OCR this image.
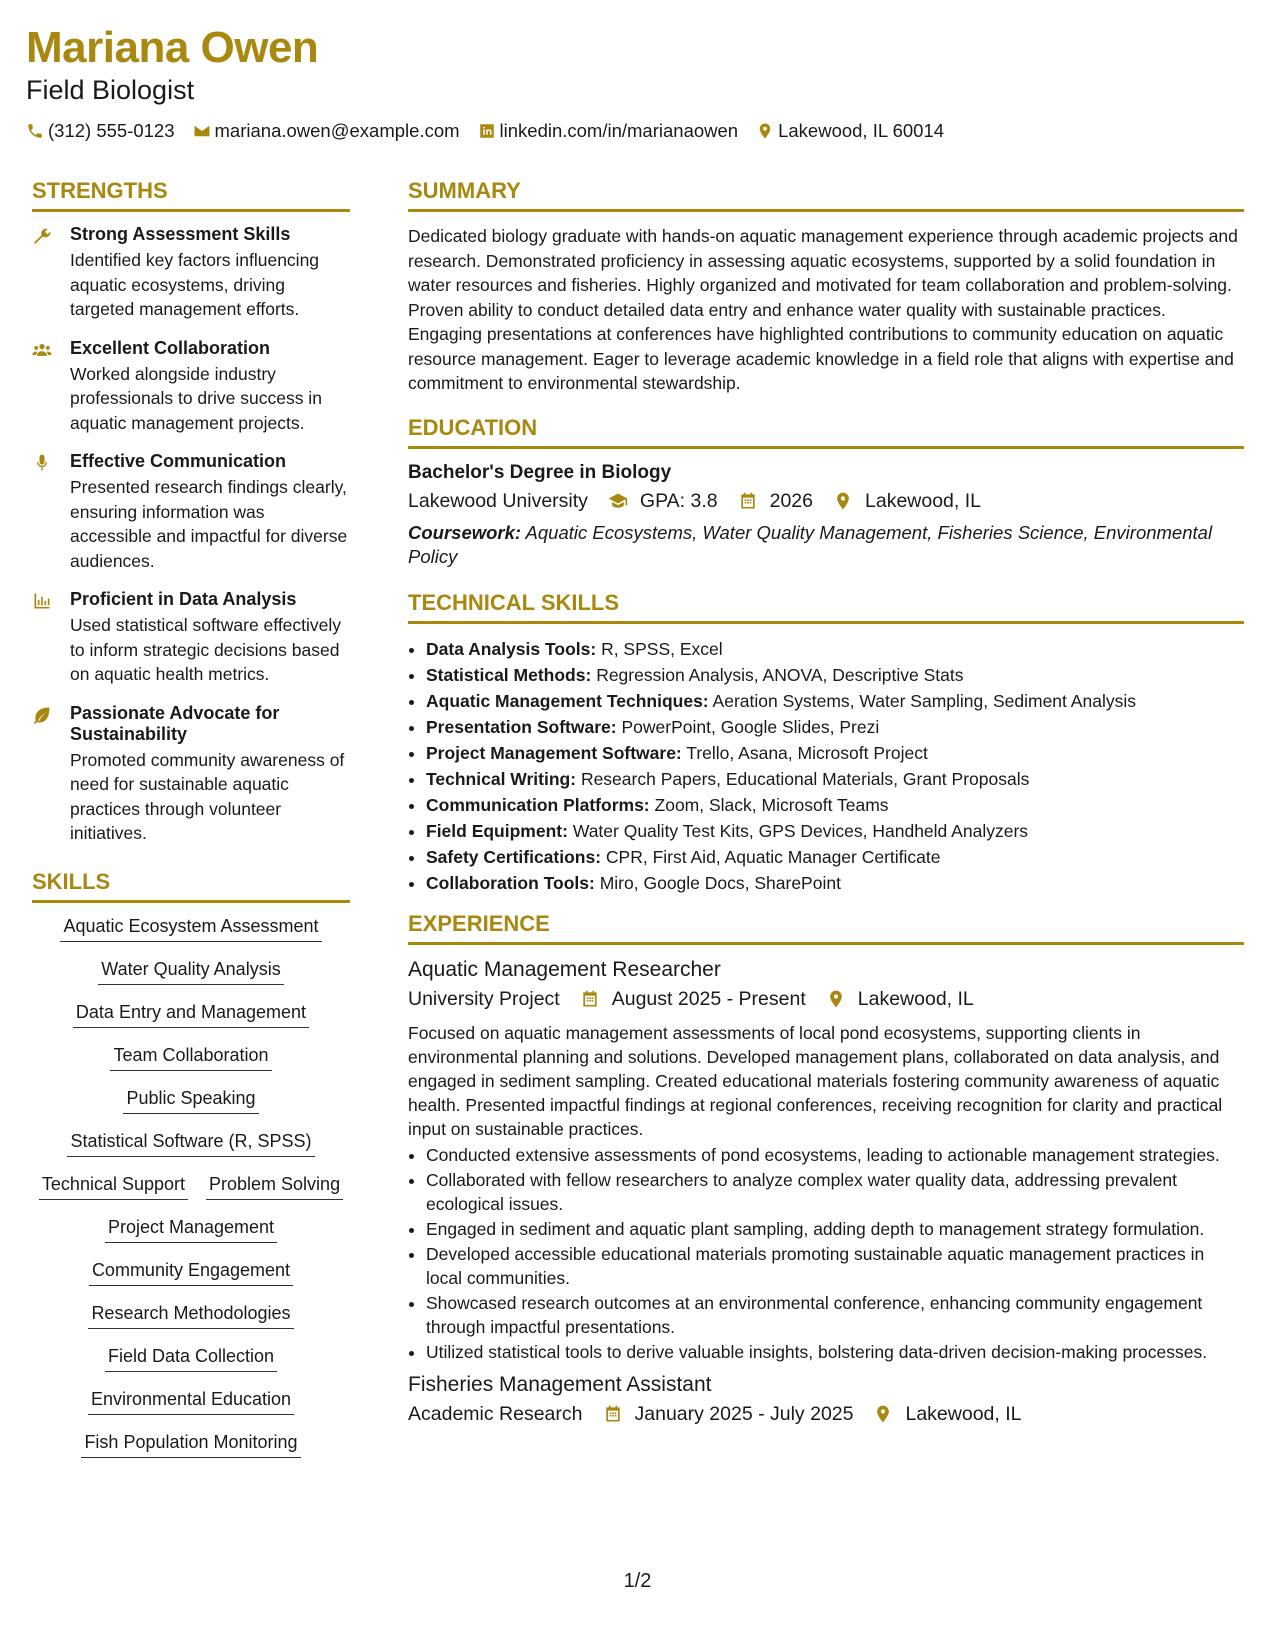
Mariana Owen
Field Biologist
(312) 555-0123 mariana.owen@example.com linkedin.com/in/marianaowen Lakewood, IL 60014
STRENGTHS
Strong Assessment Skills
Identified key factors influencing aquatic ecosystems, driving targeted management efforts.
Excellent Collaboration
Worked alongside industry professionals to drive success in aquatic management projects.
Effective Communication
Presented research findings clearly, ensuring information was accessible and impactful for diverse audiences.
Proficient in Data Analysis
Used statistical software effectively to inform strategic decisions based on aquatic health metrics.
Passionate Advocate for Sustainability
Promoted community awareness of need for sustainable aquatic practices through volunteer initiatives.
SKILLS
Aquatic Ecosystem Assessment
Water Quality Analysis
Data Entry and Management
Team Collaboration
Public Speaking
Statistical Software (R, SPSS)
Technical Support Problem Solving
Project Management
Community Engagement
Research Methodologies
Field Data Collection
Environmental Education
Fish Population Monitoring
SUMMARY

Dedicated biology graduate with hands-on aquatic management experience through academic projects and research. Demonstrated proficiency in assessing aquatic ecosystems, supported by a solid foundation in water resources and fisheries. Highly organized and motivated for team collaboration and problem-solving. Proven ability to conduct detailed data entry and enhance water quality with sustainable practices. Engaging presentations at conferences have highlighted contributions to community education on aquatic resource management. Eager to leverage academic knowledge in a field role that aligns with expertise and commitment to environmental stewardship.

EDUCATION
Bachelor's Degree in Biology
Lakewood University	GPA: 3.8	2026	Lakewood, IL
Coursework: Aquatic Ecosystems, Water Quality Management, Fisheries Science, Environmental Policy
TECHNICAL SKILLS
• Data Analysis Tools: R, SPSS, Excel
• Statistical Methods: Regression Analysis, ANOVA, Descriptive Stats
• Aquatic Management Techniques: Aeration Systems, Water Sampling, Sediment Analysis
• Presentation Software: PowerPoint, Google Slides, Prezi
• Project Management Software: Trello, Asana, Microsoft Project
• Technical Writing: Research Papers, Educational Materials, Grant Proposals
• Communication Platforms: Zoom, Slack, Microsoft Teams
• Field Equipment: Water Quality Test Kits, GPS Devices, Handheld Analyzers
• Safety Certifications: CPR, First Aid, Aquatic Manager Certificate
• Collaboration Tools: Miro, Google Docs, SharePoint
EXPERIENCE
Aquatic Management Researcher
University Project	August 2025 - Present	Lakewood, IL
Focused on aquatic management assessments of local pond ecosystems, supporting clients in environmental planning and solutions. Developed management plans, collaborated on data analysis, and engaged in sediment sampling. Created educational materials fostering community awareness of aquatic health. Presented impactful findings at regional conferences, receiving recognition for clarity and practical input on sustainable practices.
• Conducted extensive assessments of pond ecosystems, leading to actionable management strategies.
• Collaborated with fellow researchers to analyze complex water quality data, addressing prevalent ecological issues.
• Engaged in sediment and aquatic plant sampling, adding depth to management strategy formulation.
• Developed accessible educational materials promoting sustainable aquatic management practices in local communities.
• Showcased research outcomes at an environmental conference, enhancing community engagement through impactful presentations.
• Utilized statistical tools to derive valuable insights, bolstering data-driven decision-making processes.
Fisheries Management Assistant
Academic Research	January 2025 - July 2025	Lakewood, IL
1/2
